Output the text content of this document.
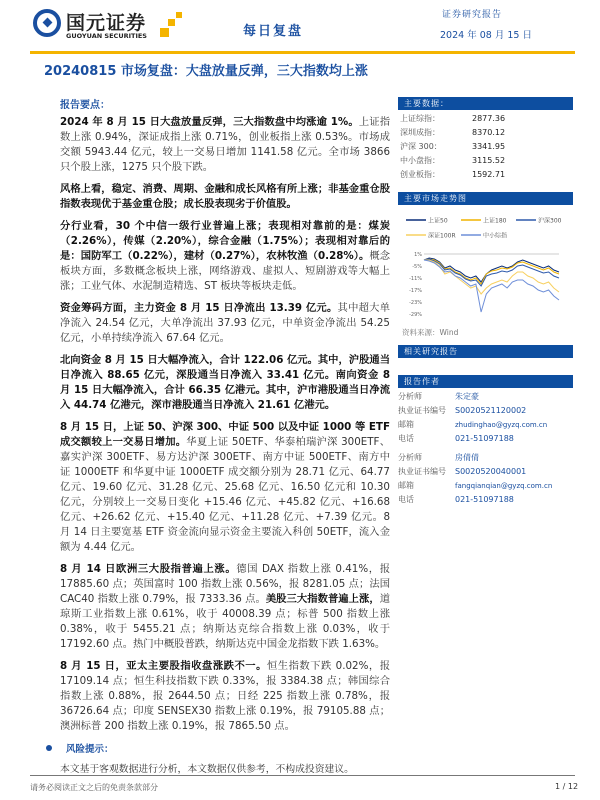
国元证券
GUOYUAN SECURITIES	每日复盘
证券研究报告
2024 年 08 月 15 日
20240815 市场复盘：大盘放量反弹，三大指数均上涨
报告要点：

2024 年 8 月 15 日大盘放量反弹，三大指数盘中均涨逾 1%。上证指数上涨 0.94%，深证成指上涨 0.71%，创业板指上涨 0.53%。市场成交额 5943.44 亿元，较上一交易日增加 1141.58 亿元。全市场 3866 只个股上涨，1275 只个股下跌。

风格上看，稳定、消费、周期、金融和成长风格有所上涨；非基金重仓股指数表现优于基金重仓股；成长股表现劣于价值股。

分行业看，30 个中信一级行业普遍上涨；表现相对靠前的是：煤炭（2.26%），传媒（2.20%），综合金融（1.75%）；表现相对靠后的是：国防军工（0.22%），建材（0.27%），农林牧渔（0.28%）。概念板块方面，多数概念板块上涨，网络游戏、虚拟人、短剧游戏等大幅上涨；工业气体、水泥制造精选、ST 板块等板块走低。

资金筹码方面，主力资金 8 月 15 日净流出 13.39 亿元。其中超大单净流入 24.54 亿元，大单净流出 37.93 亿元，中单资金净流出 54.25 亿元，小单持续净流入 67.64 亿元。

北向资金 8 月 15 日大幅净流入，合计 122.06 亿元。其中，沪股通当日净流入 88.65 亿元，深股通当日净流入 33.41 亿元。南向资金 8 月 15 日大幅净流入，合计 66.35 亿港元。其中，沪市港股通当日净流入 44.74 亿港元，深市港股通当日净流入 21.61 亿港元。

8 月 15 日，上证 50、沪深 300、中证 500 以及中证 1000 等 ETF 成交额较上一交易日增加。华夏上证 50ETF、华泰柏瑞沪深 300ETF、嘉实沪深 300ETF、易方达沪深 300ETF、南方中证 500ETF、南方中证 1000ETF 和华夏中证 1000ETF 成交额分别为 28.71 亿元、64.77 亿元、19.60 亿元、31.28 亿元、25.68 亿元、16.50 亿元和 10.30 亿元，分别较上一交易日变化 +15.46 亿元、+45.82 亿元、+16.68 亿元、+26.62 亿元、+15.40 亿元、+11.28 亿元、+7.39 亿元。8 月 14 日主要宽基 ETF 资金流向显示资金主要流入科创 50ETF，流入金额为 4.44 亿元。

8 月 14 日欧洲三大股指普遍上涨。德国 DAX 指数上涨 0.41%，报 17885.60 点；英国富时 100 指数上涨 0.56%，报 8281.05 点；法国 CAC40 指数上涨 0.79%，报 7333.36 点。美股三大指数普遍上涨，道琼斯工业指数上涨 0.61%，收于 40008.39 点；标普 500 指数上涨 0.38%，收于 5455.21 点；纳斯达克综合指数上涨 0.03%，收于 17192.60 点。热门中概股普跌，纳斯达克中国金龙指数下跌 1.63%。

8 月 15 日，亚太主要股指收盘涨跌不一。恒生指数下跌 0.02%，报 17109.14 点；恒生科技指数下跌 0.33%，报 3384.38 点；韩国综合指数上涨 0.88%，报 2644.50 点；日经 225 指数上涨 0.78%，报 36726.64 点；印度 SENSEX30 指数上涨 0.19%，报 79105.88 点；澳洲标普 200 指数上涨 0.19%，报 7865.50 点。

风险提示：
本文基于客观数据进行分析，本文数据仅供参考，不构成投资建议。
主要数据：
上证综指：	2877.36
深圳成指：	8370.12
沪深 300：	3341.95
中小盘指：	3115.52
创业板指：	1592.71
主要市场走势图
上证50	上证180	沪深300
深证100R	中小综指
1%
-5%
-11%
-17%
-23%
-29%
资料来源：Wind
相关研究报告
报告作者
分析师	朱定豪
执业证书编号	S0020521120002
邮箱	zhudinghao@gyzq.com.cn
电话	021-51097188
分析师	房倩倩
执业证书编号	S0020520040001
邮箱	fangqianqian@gyzq.com.cn
电话	021-51097188
请务必阅读正文之后的免责条款部分	1 / 12
